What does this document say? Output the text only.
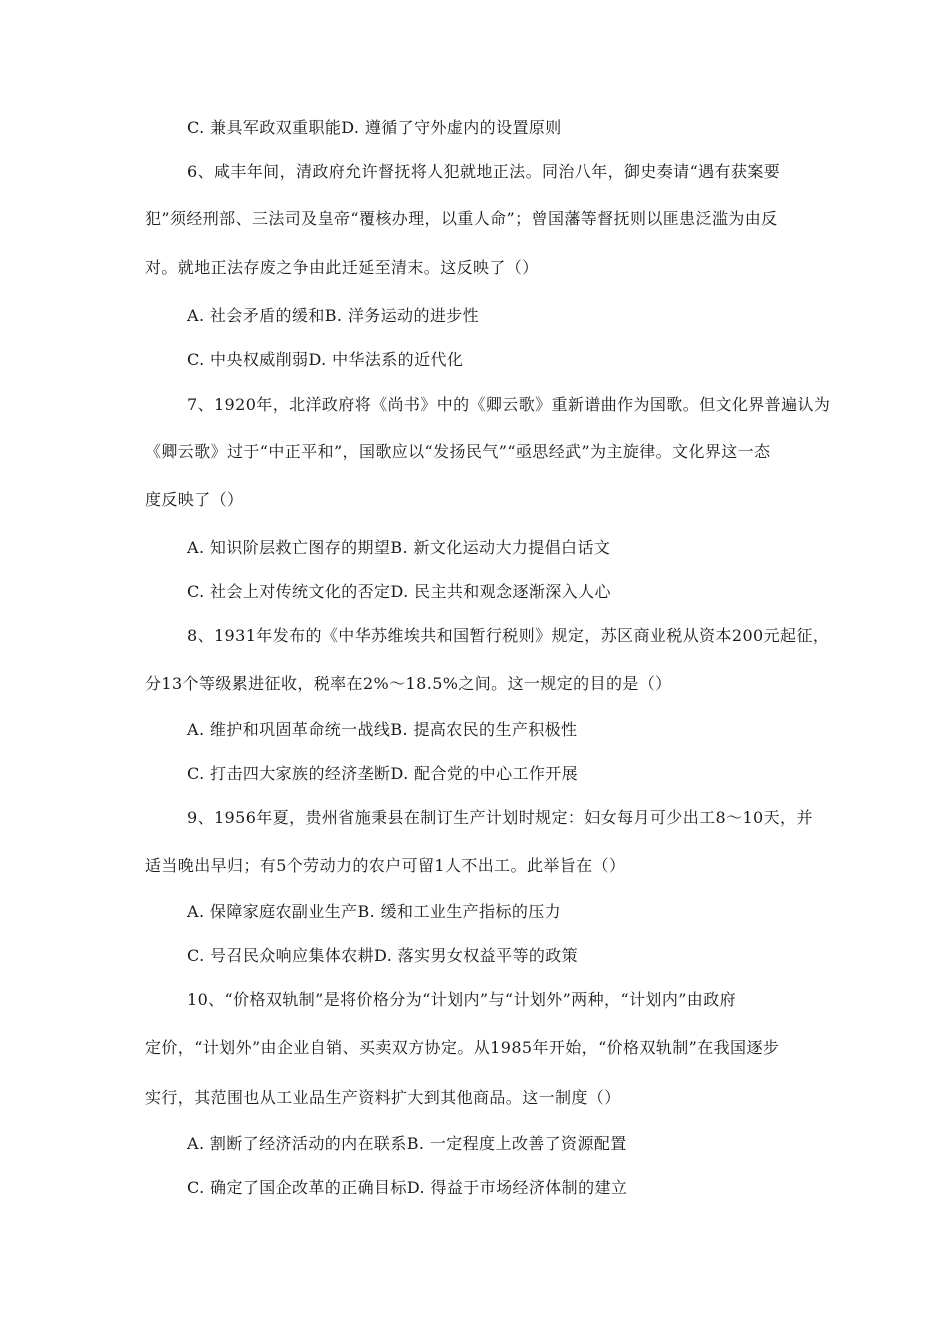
C. 兼具军政双重职能D. 遵循了守外虚内的设置原则
6、咸丰年间，清政府允许督抚将人犯就地正法。同治八年，御史奏请“遇有获案要
犯”须经刑部、三法司及皇帝“覆核办理，以重人命”；曾国藩等督抚则以匪患泛滥为由反
对。就地正法存废之争由此迁延至清末。这反映了（）
A. 社会矛盾的缓和B. 洋务运动的进步性
C. 中央权威削弱D. 中华法系的近代化
7、1920年，北洋政府将《尚书》中的《卿云歌》重新谱曲作为国歌。但文化界普遍认为
《卿云歌》过于“中正平和”，国歌应以“发扬民气”“亟思经武”为主旋律。文化界这一态
度反映了（）
A. 知识阶层救亡图存的期望B. 新文化运动大力提倡白话文
C. 社会上对传统文化的否定D. 民主共和观念逐渐深入人心
8、1931年发布的《中华苏维埃共和国暂行税则》规定，苏区商业税从资本200元起征，
分13个等级累进征收，税率在2%～18.5%之间。这一规定的目的是（）
A. 维护和巩固革命统一战线B. 提高农民的生产积极性
C. 打击四大家族的经济垄断D. 配合党的中心工作开展
9、1956年夏，贵州省施秉县在制订生产计划时规定：妇女每月可少出工8～10天，并
适当晚出早归；有5个劳动力的农户可留1人不出工。此举旨在（）
A. 保障家庭农副业生产B. 缓和工业生产指标的压力
C. 号召民众响应集体农耕D. 落实男女权益平等的政策
10、“价格双轨制”是将价格分为“计划内”与“计划外”两种，“计划内”由政府
定价，“计划外”由企业自销、买卖双方协定。从1985年开始，“价格双轨制”在我国逐步
实行，其范围也从工业品生产资料扩大到其他商品。这一制度（）
A. 割断了经济活动的内在联系B. 一定程度上改善了资源配置
C. 确定了国企改革的正确目标D. 得益于市场经济体制的建立
